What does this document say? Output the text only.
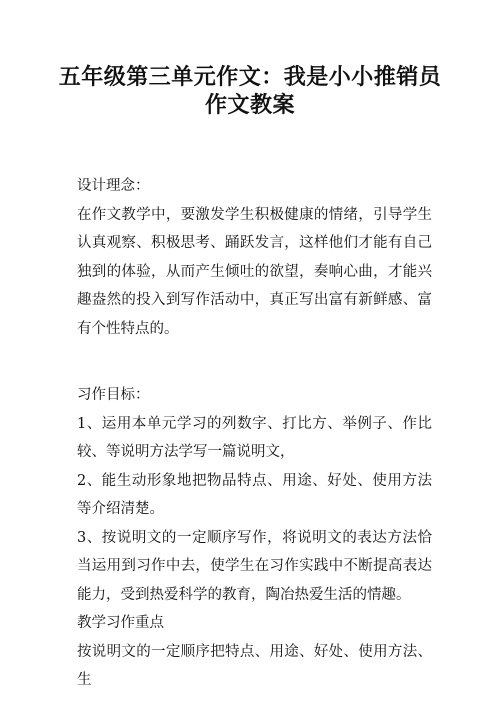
五年级第三单元作文：我是小小推销员
作文教案

设计理念：

在作文教学中，要激发学生积极健康的情绪，引导学生认真观察、积极思考、踊跃发言，这样他们才能有自己独到的体验，从而产生倾吐的欲望，奏响心曲，才能兴趣盎然的投入到写作活动中，真正写出富有新鲜感、富有个性特点的。

习作目标：

1、运用本单元学习的列数字、打比方、举例子、作比较、等说明方法学写一篇说明文，

2、能生动形象地把物品特点、用途、好处、使用方法等介绍清楚。

3、按说明文的一定顺序写作，将说明文的表达方法恰当运用到习作中去，使学生在习作实践中不断提高表达能力，受到热爱科学的教育，陶冶热爱生活的情趣。

教学习作重点

按说明文的一定顺序把特点、用途、好处、使用方法、生
